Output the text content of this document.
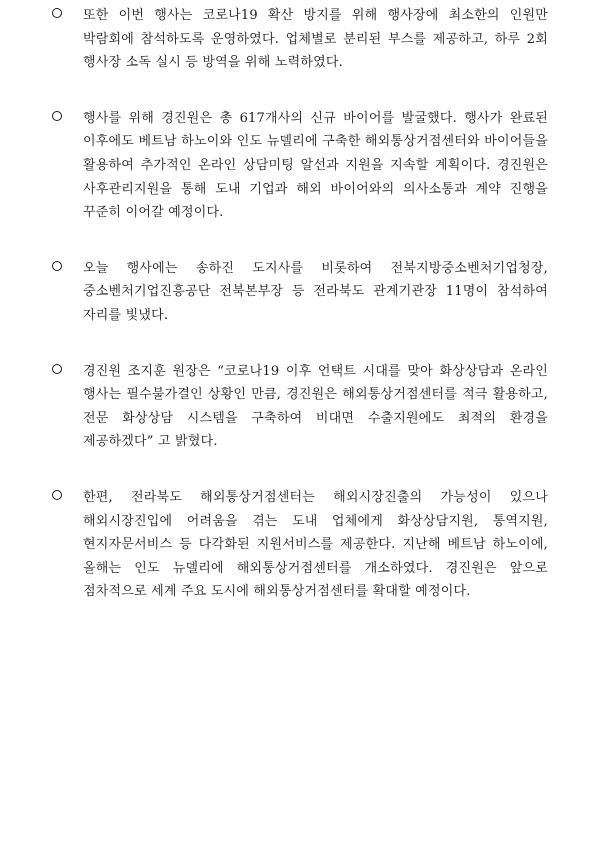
또한 이번 행사는 코로나19 확산 방지를 위해 행사장에 최소한의 인원만 박람회에 참석하도록 운영하였다. 업체별로 분리된 부스를 제공하고, 하루 2회 행사장 소독 실시 등 방역을 위해 노력하였다.
행사를 위해 경진원은 총 617개사의 신규 바이어를 발굴했다. 행사가 완료된 이후에도 베트남 하노이와 인도 뉴델리에 구축한 해외통상거점센터와 바이어들을 활용하여 추가적인 온라인 상담미팅 알선과 지원을 지속할 계획이다. 경진원은 사후관리지원을 통해 도내 기업과 해외 바이어와의 의사소통과 계약 진행을 꾸준히 이어갈 예정이다.
오늘 행사에는 송하진 도지사를 비롯하여 전북지방중소벤처기업청장, 중소벤처기업진흥공단 전북본부장 등 전라북도 관계기관장 11명이 참석하여 자리를 빛냈다.
경진원 조지훈 원장은 “코로나19 이후 언택트 시대를 맞아 화상상담과 온라인 행사는 필수불가결인 상황인 만큼, 경진원은 해외통상거점센터를 적극 활용하고, 전문 화상상담 시스템을 구축하여 비대면 수출지원에도 최적의 환경을 제공하겠다” 고 밝혔다.
한편, 전라북도 해외통상거점센터는 해외시장진출의 가능성이 있으나 해외시장진입에 어려움을 겪는 도내 업체에게 화상상담지원, 통역지원, 현지자문서비스 등 다각화된 지원서비스를 제공한다. 지난해 베트남 하노이에, 올해는 인도 뉴델리에 해외통상거점센터를 개소하였다. 경진원은 앞으로 점차적으로 세계 주요 도시에 해외통상거점센터를 확대할 예정이다.
